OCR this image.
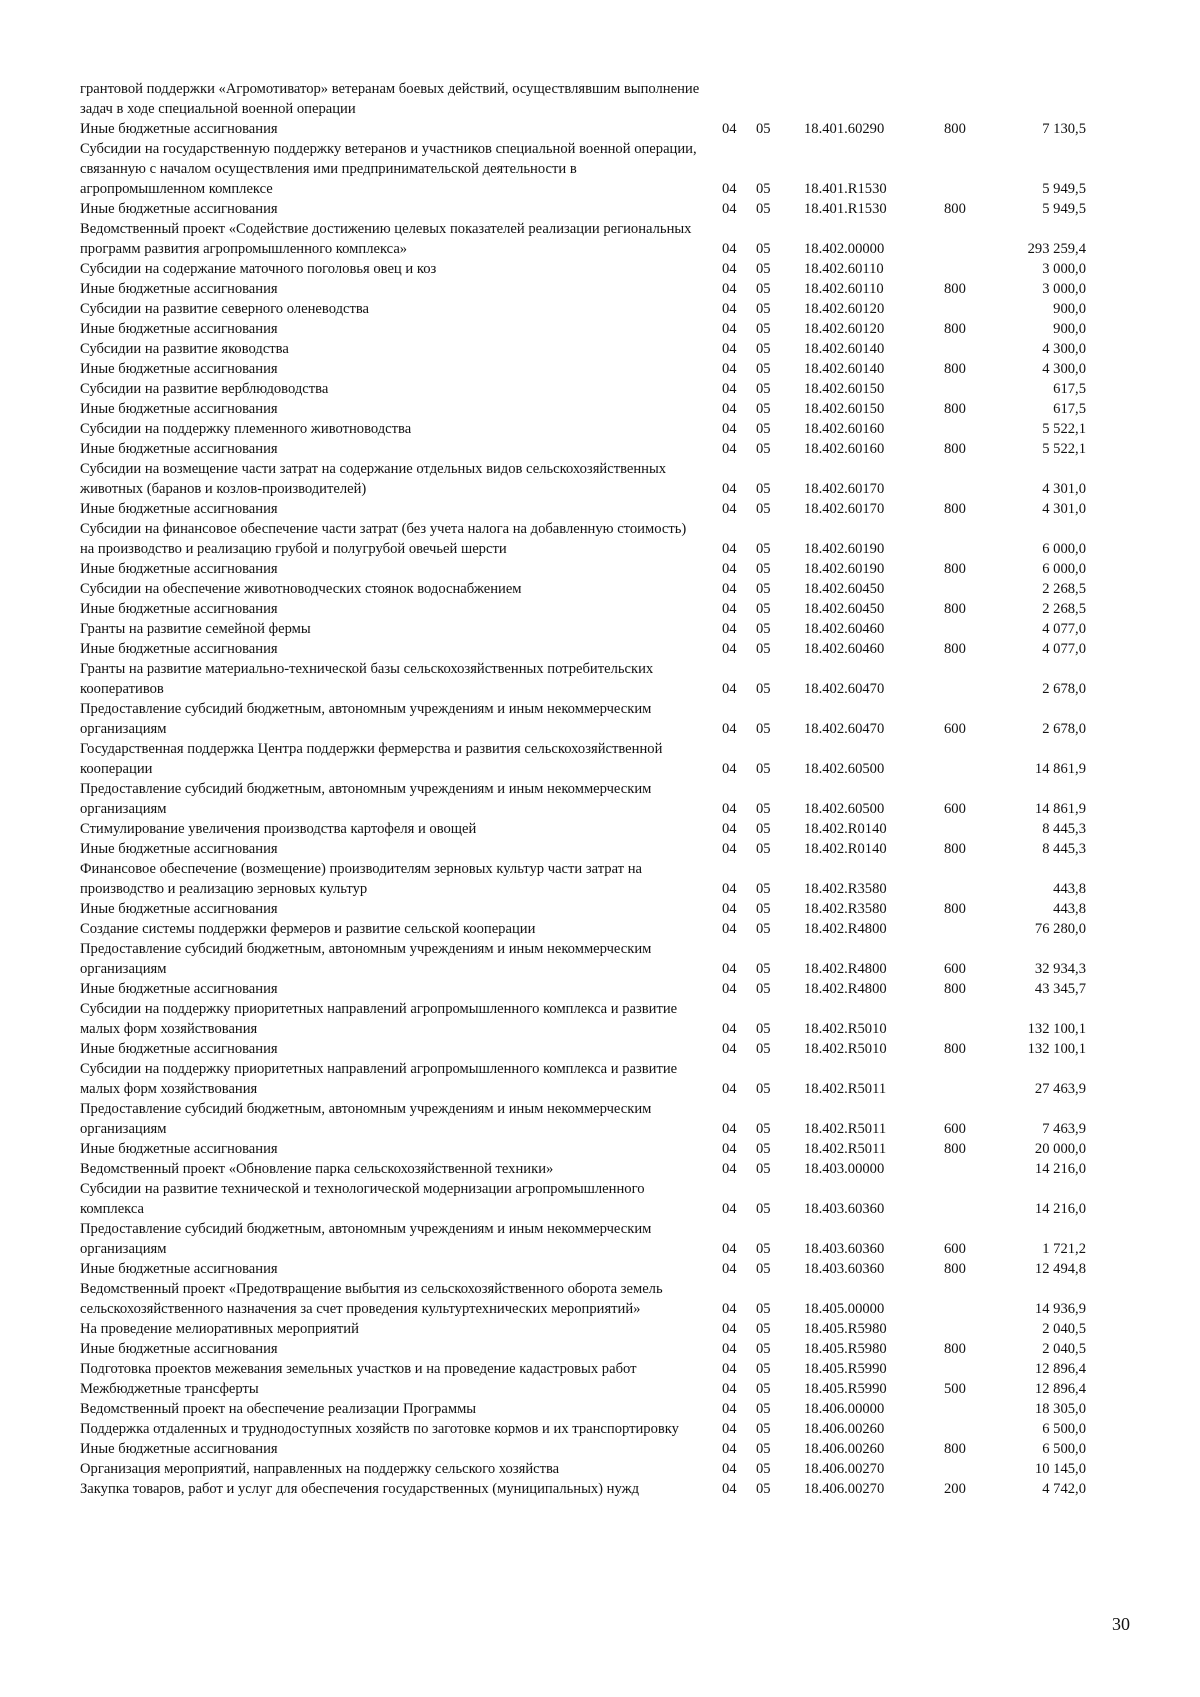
грантовой поддержки «Агромотиватор» ветеранам боевых действий, осуществлявшим выполнение задач в ходе специальной военной операции					
Иные бюджетные ассигнования	04	05	18.401.60290	800	7 130,5
Субсидии на государственную поддержку ветеранов и участников специальной военной операции, связанную с началом осуществления ими предпринимательской деятельности в агропромышленном комплексе	04	05	18.401.R1530		5 949,5
Иные бюджетные ассигнования	04	05	18.401.R1530	800	5 949,5
Ведомственный проект «Содействие достижению целевых показателей реализации региональных программ развития агропромышленного комплекса»	04	05	18.402.00000		293 259,4
Субсидии на содержание маточного поголовья овец и коз	04	05	18.402.60110		3 000,0
Иные бюджетные ассигнования	04	05	18.402.60110	800	3 000,0
Субсидии на развитие северного оленеводства	04	05	18.402.60120		900,0
Иные бюджетные ассигнования	04	05	18.402.60120	800	900,0
Субсидии на развитие яководства	04	05	18.402.60140		4 300,0
Иные бюджетные ассигнования	04	05	18.402.60140	800	4 300,0
Субсидии на развитие верблюдоводства	04	05	18.402.60150		617,5
Иные бюджетные ассигнования	04	05	18.402.60150	800	617,5
Субсидии на поддержку племенного животноводства	04	05	18.402.60160		5 522,1
Иные бюджетные ассигнования	04	05	18.402.60160	800	5 522,1
Субсидии на возмещение части затрат на содержание отдельных видов сельскохозяйственных животных (баранов и козлов-производителей)	04	05	18.402.60170		4 301,0
Иные бюджетные ассигнования	04	05	18.402.60170	800	4 301,0
Субсидии на финансовое обеспечение части затрат (без учета налога на добавленную стоимость) на производство и реализацию грубой и полугрубой овечьей шерсти	04	05	18.402.60190		6 000,0
Иные бюджетные ассигнования	04	05	18.402.60190	800	6 000,0
Субсидии на обеспечение животноводческих стоянок водоснабжением	04	05	18.402.60450		2 268,5
Иные бюджетные ассигнования	04	05	18.402.60450	800	2 268,5
Гранты на развитие семейной фермы	04	05	18.402.60460		4 077,0
Иные бюджетные ассигнования	04	05	18.402.60460	800	4 077,0
Гранты на развитие материально-технической базы сельскохозяйственных потребительских кооперативов	04	05	18.402.60470		2 678,0
Предоставление субсидий бюджетным, автономным учреждениям и иным некоммерческим организациям	04	05	18.402.60470	600	2 678,0
Государственная поддержка Центра поддержки фермерства и развития сельскохозяйственной кооперации	04	05	18.402.60500		14 861,9
Предоставление субсидий бюджетным, автономным учреждениям и иным некоммерческим организациям	04	05	18.402.60500	600	14 861,9
Стимулирование увеличения производства картофеля и овощей	04	05	18.402.R0140		8 445,3
Иные бюджетные ассигнования	04	05	18.402.R0140	800	8 445,3
Финансовое обеспечение (возмещение) производителям зерновых культур части затрат на производство и реализацию зерновых культур	04	05	18.402.R3580		443,8
Иные бюджетные ассигнования	04	05	18.402.R3580	800	443,8
Создание системы поддержки фермеров и развитие сельской кооперации	04	05	18.402.R4800		76 280,0
Предоставление субсидий бюджетным, автономным учреждениям и иным некоммерческим организациям	04	05	18.402.R4800	600	32 934,3
Иные бюджетные ассигнования	04	05	18.402.R4800	800	43 345,7
Субсидии на поддержку приоритетных направлений агропромышленного комплекса и развитие малых форм хозяйствования	04	05	18.402.R5010		132 100,1
Иные бюджетные ассигнования	04	05	18.402.R5010	800	132 100,1
Субсидии на поддержку приоритетных направлений агропромышленного комплекса и развитие малых форм хозяйствования	04	05	18.402.R5011		27 463,9
Предоставление субсидий бюджетным, автономным учреждениям и иным некоммерческим организациям	04	05	18.402.R5011	600	7 463,9
Иные бюджетные ассигнования	04	05	18.402.R5011	800	20 000,0
Ведомственный проект «Обновление парка сельскохозяйственной техники»	04	05	18.403.00000		14 216,0
Субсидии на развитие технической и технологической модернизации агропромышленного комплекса	04	05	18.403.60360		14 216,0
Предоставление субсидий бюджетным, автономным учреждениям и иным некоммерческим организациям	04	05	18.403.60360	600	1 721,2
Иные бюджетные ассигнования	04	05	18.403.60360	800	12 494,8
Ведомственный проект «Предотвращение выбытия из сельскохозяйственного оборота земель сельскохозяйственного назначения за счет проведения культуртехнических мероприятий»	04	05	18.405.00000		14 936,9
На проведение мелиоративных мероприятий	04	05	18.405.R5980		2 040,5
Иные бюджетные ассигнования	04	05	18.405.R5980	800	2 040,5
Подготовка проектов межевания земельных участков и на проведение кадастровых работ	04	05	18.405.R5990		12 896,4
Межбюджетные трансферты	04	05	18.405.R5990	500	12 896,4
Ведомственный проект на обеспечение реализации Программы	04	05	18.406.00000		18 305,0
Поддержка отдаленных и труднодоступных хозяйств по заготовке кормов и их транспортировку	04	05	18.406.00260		6 500,0
Иные бюджетные ассигнования	04	05	18.406.00260	800	6 500,0
Организация мероприятий, направленных на поддержку сельского хозяйства	04	05	18.406.00270		10 145,0
Закупка товаров, работ и услуг для обеспечения государственных (муниципальных) нужд	04	05	18.406.00270	200	4 742,0
30
